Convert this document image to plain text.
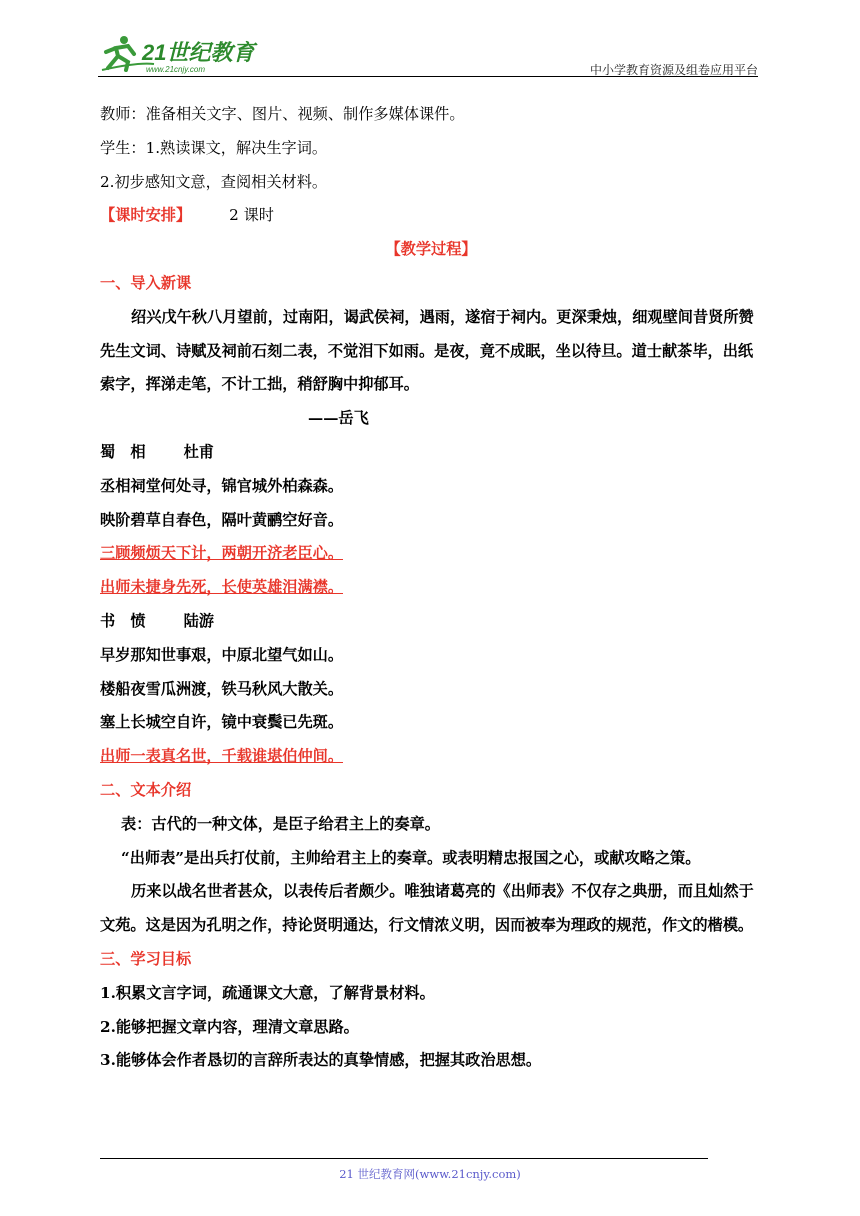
21世纪教育
www.21cnjy.com	中小学教育资源及组卷应用平台
教师：准备相关文字、图片、视频、制作多媒体课件。
学生：1.熟读课文，解决生字词。
2.初步感知文意，查阅相关材料。
【课时安排】	2 课时
【教学过程】
一、导入新课
绍兴戊午秋八月望前，过南阳，谒武侯祠，遇雨，遂宿于祠内。更深秉烛，细观壁间昔贤所赞先生文词、诗赋及祠前石刻二表，不觉泪下如雨。是夜，竟不成眠，坐以待旦。道士献茶毕，出纸索字，挥涕走笔，不计工拙，稍舒胸中抑郁耳。
——岳飞
蜀　相	杜甫
丞相祠堂何处寻，锦官城外柏森森。
映阶碧草自春色，隔叶黄鹂空好音。
三顾频烦天下计，两朝开济老臣心。
出师未捷身先死，长使英雄泪满襟。
书　愤	陆游
早岁那知世事艰，中原北望气如山。
楼船夜雪瓜洲渡，铁马秋风大散关。
塞上长城空自许，镜中衰鬓已先斑。
出师一表真名世，千载谁堪伯仲间。
二、文本介绍
表：古代的一种文体，是臣子给君主上的奏章。
“出师表”是出兵打仗前，主帅给君主上的奏章。或表明精忠报国之心，或献攻略之策。
历来以战名世者甚众，以表传后者颇少。唯独诸葛亮的《出师表》不仅存之典册，而且灿然于文苑。这是因为孔明之作，持论贤明通达，行文情浓义明，因而被奉为理政的规范，作文的楷模。
三、学习目标
1.积累文言字词，疏通课文大意，了解背景材料。
2.能够把握文章内容，理清文章思路。
3.能够体会作者恳切的言辞所表达的真挚情感，把握其政治思想。
21 世纪教育网(www.21cnjy.com)
